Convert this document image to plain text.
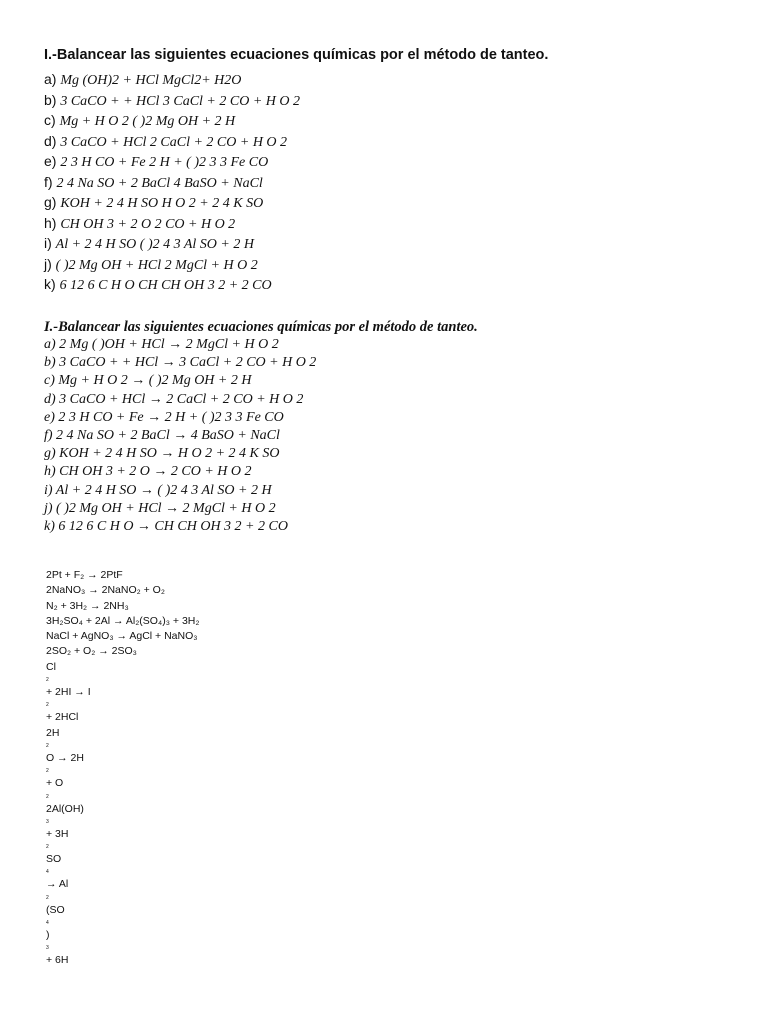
I.-Balancear las siguientes ecuaciones químicas por el método de tanteo.
a) Mg (OH)2 + HCl MgCl2+ H2O
b) 3 CaCO + + HCl 3 CaCl + 2 CO + H O 2
c) Mg + H O 2 ( )2 Mg OH + 2 H
d) 3 CaCO + HCl 2 CaCl + 2 CO + H O 2
e) 2 3 H CO + Fe 2 H + ( )2 3 3 Fe CO
f) 2 4 Na SO + 2 BaCl 4 BaSO + NaCl
g) KOH + 2 4 H SO H O 2 + 2 4 K SO
h) CH OH 3 + 2 O 2 CO + H O 2
i) Al + 2 4 H SO ( )2 4 3 Al SO + 2 H
j) ( )2 Mg OH + HCl 2 MgCl + H O 2
k) 6 12 6 C H O CH CH OH 3 2 + 2 CO
I.-Balancear las siguientes ecuaciones químicas por el método de tanteo.
a) 2 Mg ( )OH + HCl → 2 MgCl + H O 2
b) 3 CaCO + + HCl → 3 CaCl + 2 CO + H O 2
c) Mg + H O 2 → ( )2 Mg OH + 2 H
d) 3 CaCO + HCl → 2 CaCl + 2 CO + H O 2
e) 2 3 H CO + Fe → 2 H + ( )2 3 3 Fe CO
f) 2 4 Na SO + 2 BaCl → 4 BaSO + NaCl
g) KOH + 2 4 H SO → H O 2 + 2 4 K SO
h) CH OH 3 + 2 O → 2 CO + H O 2
i) Al + 2 4 H SO → ( )2 4 3 Al SO + 2 H
j) ( )2 Mg OH + HCl → 2 MgCl + H O 2
k) 6 12 6 C H O → CH CH OH 3 2 + 2 CO
2Pt + F₂ → 2PtF
2NaNO₃ → 2NaNO₂ + O₂
N₂ + 3H₂ → 2NH₃
3H₂SO₄ + 2Al → Al₂(SO₄)₃ + 3H₂
NaCl + AgNO₃ → AgCl + NaNO₃
2SO₂ + O₂ → 2SO₃
Cl
2
+ 2HI → I
2
+ 2HCl
2H
2
O → 2H
2
+ O
2
2Al(OH)
3
+ 3H
2
SO
4
→ Al
2
(SO
4
)
3
+ 6H
